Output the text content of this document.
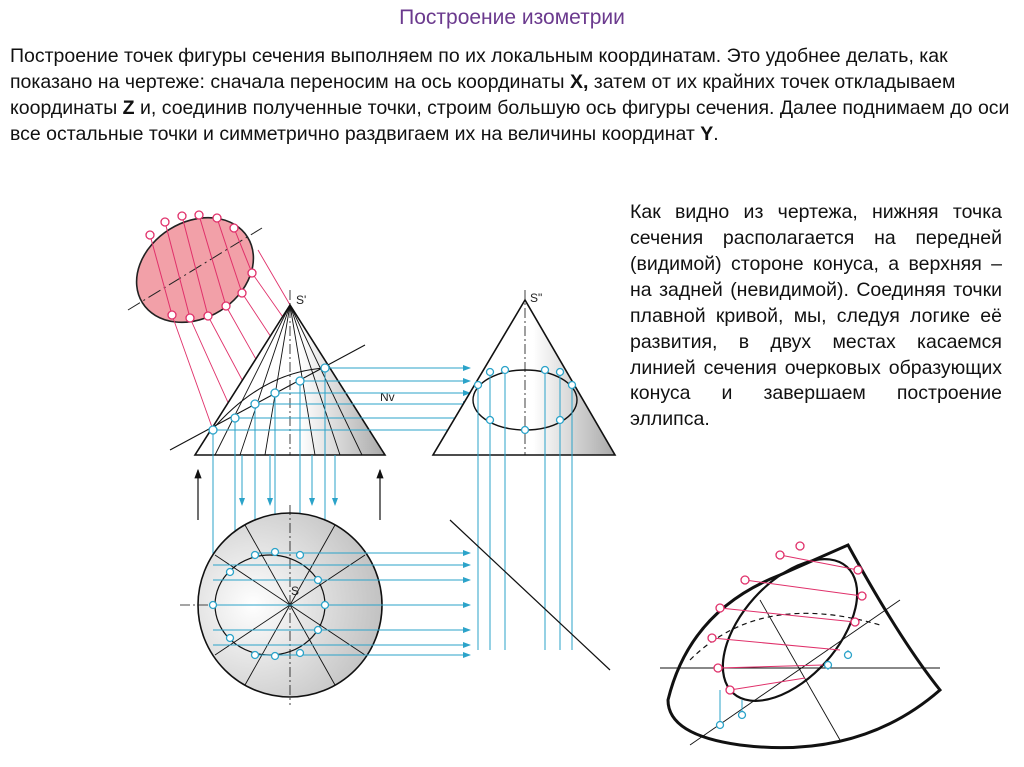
Построение изометрии
Построение точек фигуры сечения выполняем по их локальным координатам. Это удобнее делать, как показано на чертеже: сначала переносим на ось координаты X, затем от их крайних точек откладываем координаты Z и, соединив полученные точки, строим большую ось фигуры сечения. Далее поднимаем до оси все остальные точки и симметрично раздвигаем их на величины координат Y.
Как видно из чертежа, нижняя точка сечения располагается на передней (видимой) стороне конуса, а верхняя – на задней (невидимой). Соединяя точки плавной кривой, мы, следуя логике её развития, в двух местах касаемся линией сечения очерковых образующих конуса и завершаем построение эллипса.
S'
Nv
S"
S
